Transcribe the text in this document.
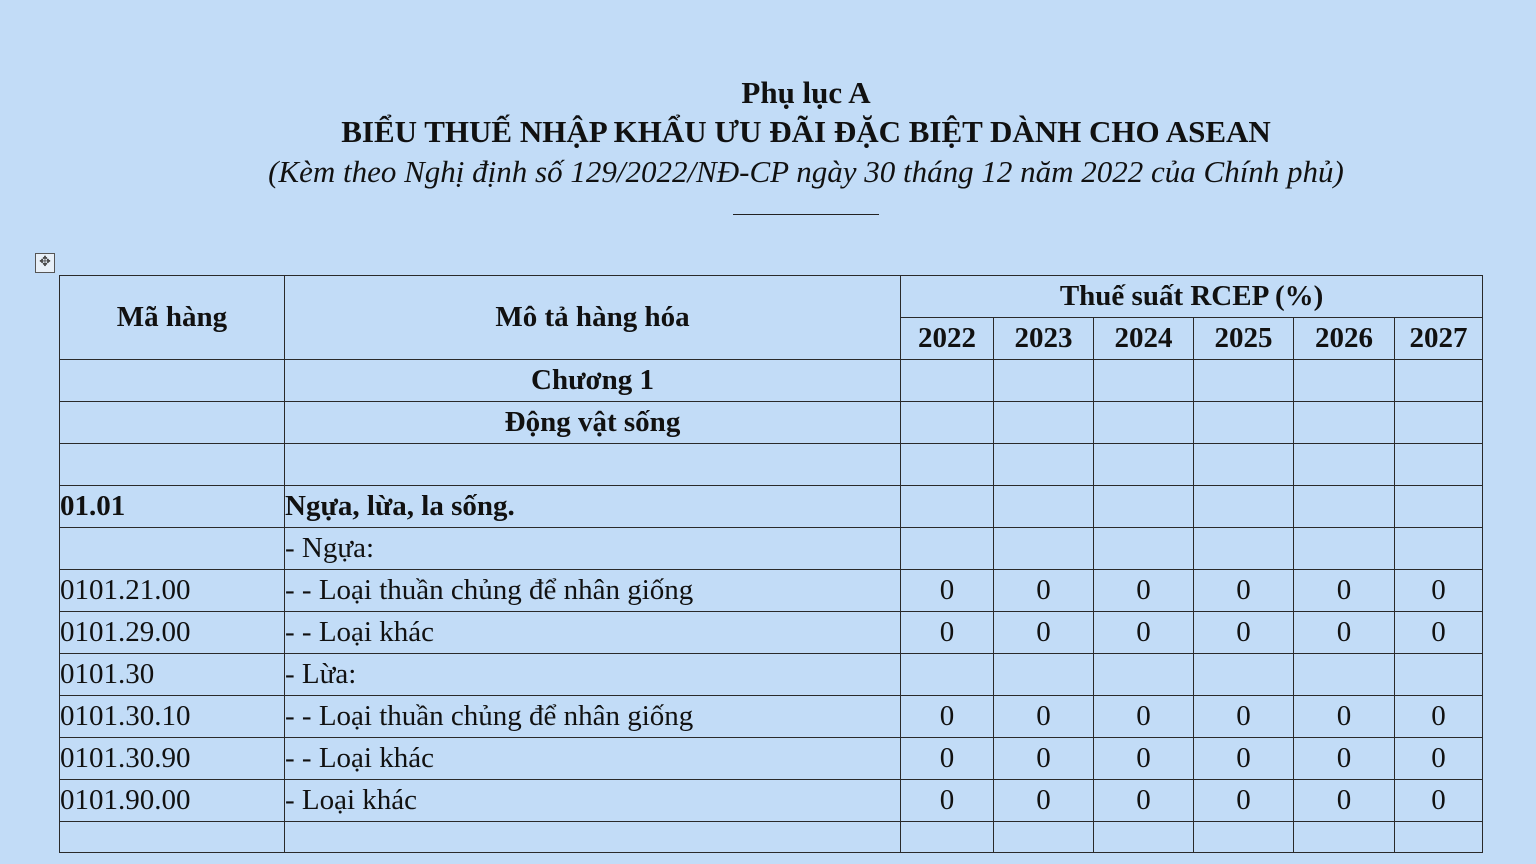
Phụ lục A
BIỂU THUẾ NHẬP KHẨU ƯU ĐÃI ĐẶC BIỆT DÀNH CHO ASEAN
(Kèm theo Nghị định số 129/2022/NĐ-CP ngày 30 tháng 12 năm 2022 của Chính phủ)
✥
Mã hàng	Mô tả hàng hóa	Thuế suất RCEP (%)					
		2022	2023	2024	2025	2026	2027
	Chương 1						
	Động vật sống						

01.01	Ngựa, lừa, la sống.						
	- Ngựa:						
0101.21.00	- - Loại thuần chủng để nhân giống	0	0	0	0	0	0
0101.29.00	- - Loại khác	0	0	0	0	0	0
0101.30	- Lừa:						
0101.30.10	- - Loại thuần chủng để nhân giống	0	0	0	0	0	0
0101.30.90	- - Loại khác	0	0	0	0	0	0
0101.90.00	- Loại khác	0	0	0	0	0	0
